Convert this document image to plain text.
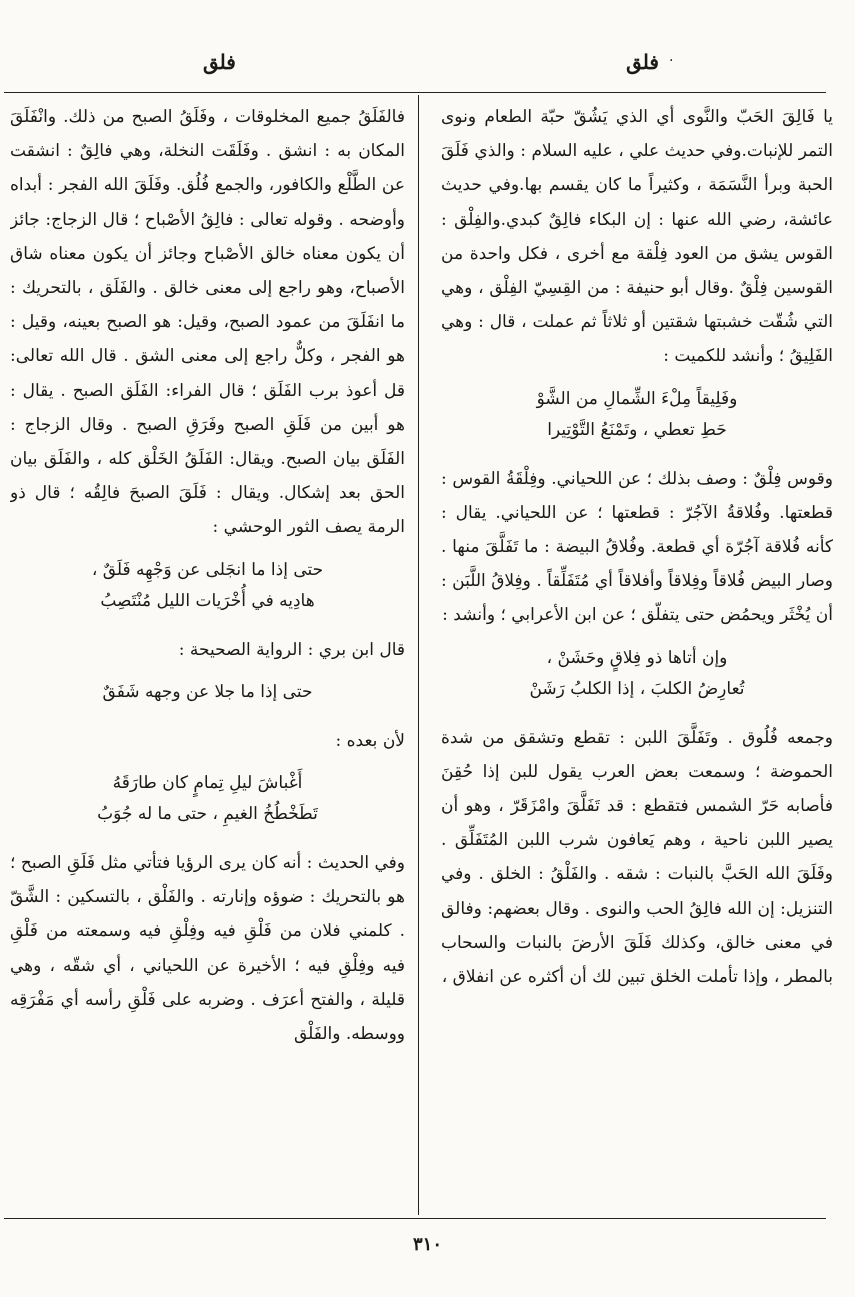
فلق ٠
فلق

يا فَالِقَ الحَبّ والنَّوى أي الذي يَشُقّ حبّة الطعام ونوى التمر للإنبات.وفي حديث علي ، عليه السلام : والذي فَلَقَ الحبة وبرأ النَّسَمَة ، وكثيراً ما كان يقسم بها.وفي حديث عائشة، رضي الله عنها : إن البكاء فالِقٌ كبدي.والفِلْق : القوس يشق من العود فِلْقة مع أخرى ، فكل واحدة من القوسين فِلْقٌ .وقال أبو حنيفة : من القِسِيّ الفِلْق ، وهي التي شُقّت خشبتها شقتين أو ثلاثاً ثم عملت ، قال : وهي الفَلِيقُ ؛ وأنشد للكميت :

وفَلِيقاً مِلْءَ الشِّمالِ من الشَّوْ
حَطِ تعطي ، وتَمْنَعُ التَّوْتِيرا

وقوس فِلْقٌ : وصف بذلك ؛ عن اللحياني. وفِلْقَةُ القوس : قطعتها. وفُلاقةُ الآجُرّ : قطعتها ؛ عن اللحياني. يقال : كأنه فُلاقة آجُرّة أي قطعة. وفُلاقُ البيضة : ما تَفَلَّقَ منها . وصار البيض فُلاقاً وفِلاقاً وأفلاقاً أي مُتَفَلِّقاً . وفِلاقُ اللَّبَن : أن يُخْثَر ويحمُض حتى يتفلّق ؛ عن ابن الأعرابي ؛ وأنشد :

وإن أتاها ذو فِلاقٍ وحَشَنْ ،
تُعارِضُ الكلبَ ، إذا الكلبُ رَشَنْ

وجمعه فُلُوق . وتَفَلَّقَ اللبن : تقطع وتشقق من شدة الحموضة ؛ وسمعت بعض العرب يقول للبن إذا حُقِنَ فأصابه حَرّ الشمس فتقطع : قد تَفَلَّقَ وامْزَقَرّ ، وهو أن يصير اللبن ناحية ، وهم يَعافون شرب اللبن المُتَفَلِّق . وفَلَقَ الله الحَبَّ بالنبات : شقه . والفَلْقُ : الخلق . وفي التنزيل: إن الله فالِقُ الحب والنوى . وقال بعضهم: وفالق في معنى خالق، وكذلك فَلَقَ الأرضَ بالنبات والسحاب بالمطر ، وإذا تأملت الخلق تبين لك أن أكثره عن انفلاق ،

فالفَلَقُ جميع المخلوقات ، وفَلَقُ الصبح من ذلك. وانْفَلَقَ المكان به : انشق . وفَلَقَت النخلة، وهي فالِقٌ : انشقت عن الطَّلْع والكافور، والجمع فُلُق. وفَلَقَ الله الفجر : أبداه وأوضحه . وقوله تعالى : فالِقُ الأصْباح ؛ قال الزجاج: جائز أن يكون معناه خالق الأصْباح وجائز أن يكون معناه شاق الأصباح، وهو راجع إلى معنى خالق . والفَلَق ، بالتحريك : ما انفَلَقَ من عمود الصبح، وقيل: هو الصبح بعينه، وقيل : هو الفجر ، وكلٌّ راجع إلى معنى الشق . قال الله تعالى: قل أعوذ برب الفَلَق ؛ قال الفراء: الفَلَق الصبح . يقال : هو أبين من فَلَقِ الصبح وفَرَقِ الصبح . وقال الزجاج : الفَلَق بيان الصبح. ويقال: الفَلَقُ الخَلْق كله ، والفَلَق بيان الحق بعد إشكال. ويقال : فَلَقَ الصبحَ فالِقُه ؛ قال ذو الرمة يصف الثور الوحشي :

حتى إذا ما انجَلى عن وَجْهِه فَلَقٌ ،
هادِيه في أُخْرَيات الليل مُنْتَصِبُ

قال ابن بري : الرواية الصحيحة :

حتى إذا ما جلا عن وجهه شَفَقٌ

لأن بعده :

أَغْباشَ ليلِ تِمامٍ كان طارَقَهُ
تَطَخْطُخُ الغيمِ ، حتى ما له جُوَبُ

وفي الحديث : أنه كان يرى الرؤيا فتأتي مثل فَلَقِ الصبح ؛ هو بالتحريك : ضوؤه وإنارته . والفَلْق ، بالتسكين : الشَّقّ . كلمني فلان من فَلْقِ فيه وفِلْقِ فيه وسمعته من فَلْقِ فيه وفِلْقِ فيه ؛ الأخيرة عن اللحياني ، أي شقّه ، وهي قليلة ، والفتح أعرَف . وضربه على فَلْقِ رأسه أي مَفْرَقِه ووسطه. والفَلْق

٣١٠
